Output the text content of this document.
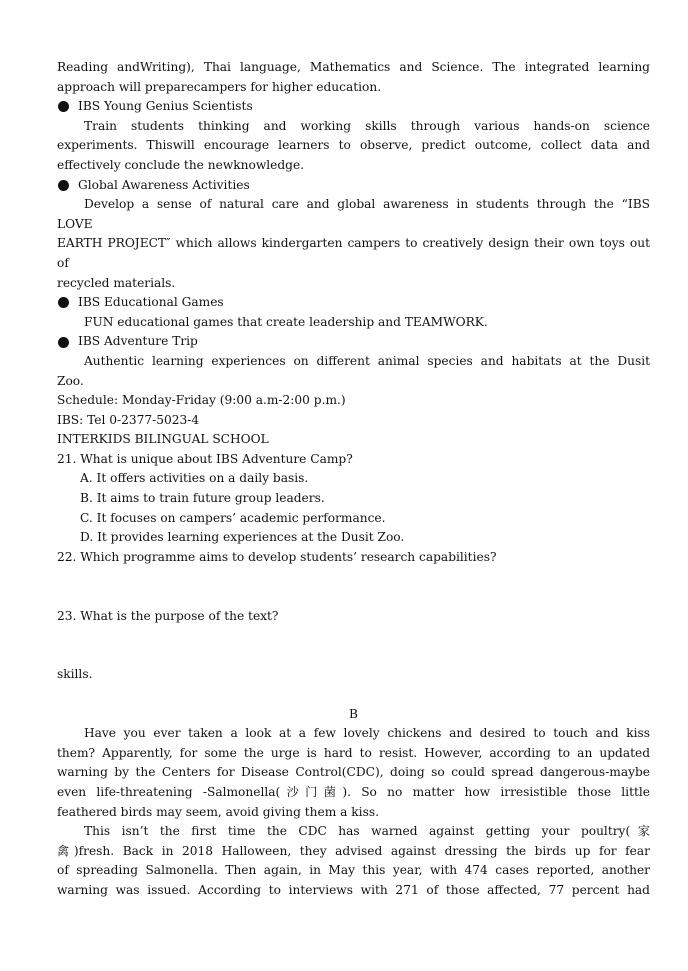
Reading andWriting), Thai language, Mathematics and Science. The integrated learning
approach will preparecampers for higher education.
IBS Young Genius Scientists
Train students thinking and working skills through various hands-on science
experiments. Thiswill encourage learners to observe, predict outcome, collect data and
effectively conclude the newknowledge.
Global Awareness Activities
Develop a sense of natural care and global awareness in students through the “IBS
LOVE
EARTH PROJECT″ which allows kindergarten campers to creatively design their own toys out
of
recycled materials.
IBS Educational Games
FUN educational games that create leadership and TEAMWORK.
IBS Adventure Trip
Authentic learning experiences on different animal species and habitats at the Dusit
Zoo.
Schedule: Monday-Friday (9:00 a.m-2:00 p.m.)
IBS: Tel 0-2377-5023-4
INTERKIDS BILINGUAL SCHOOL
21. What is unique about IBS Adventure Camp?
A. It offers activities on a daily basis.
B. It aims to train future group leaders.
C. It focuses on campers’ academic performance.
D. It provides learning experiences at the Dusit Zoo.
22. Which programme aims to develop students’ research capabilities?

23. What is the purpose of the text?

skills.
B
Have you ever taken a look at a few lovely chickens and desired to touch and kiss
them? Apparently, for some the urge is hard to resist. However, according to an updated
warning by the Centers for Disease Control(CDC), doing so could spread dangerous-maybe
even life-threatening -Salmonella(沙门菌). So no matter how irresistible those little
feathered birds may seem, avoid giving them a kiss.
This isn’t the first time the CDC has warned against getting your poultry(家
禽)fresh. Back in 2018 Halloween, they advised against dressing the birds up for fear
of spreading Salmonella. Then again, in May this year, with 474 cases reported, another
warning was issued. According to interviews with 271 of those affected, 77 percent had
